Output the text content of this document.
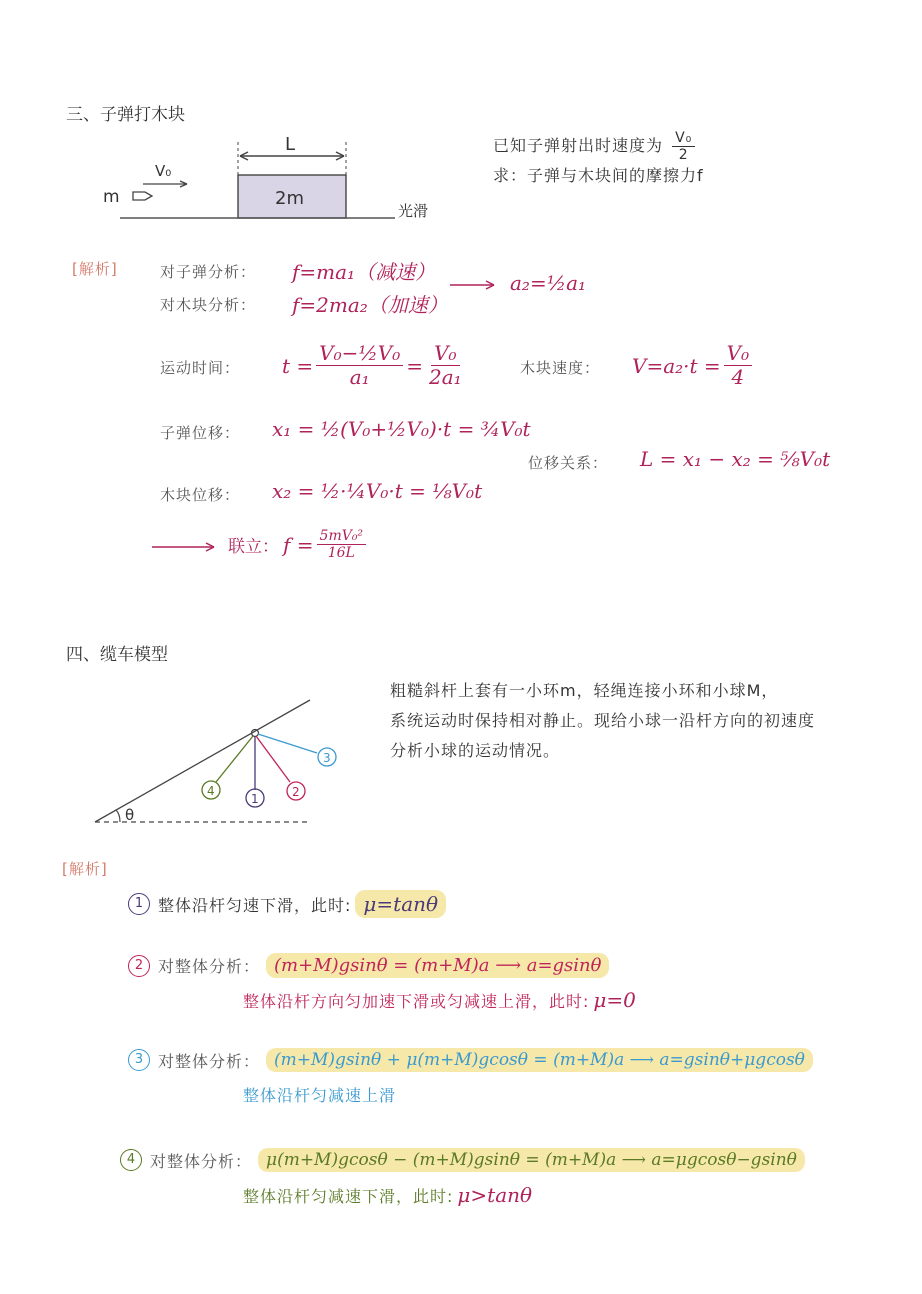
三、子弹打木块
L
2m
光滑
m
V₀
已知子弹射出时速度为 $\frac{\text{V₀}}{2}$
求：子弹与木块间的摩擦力f
[解析]	对子弹分析： f=ma₁（减速）
对木块分析： f=2ma₂（加速）
a₂=½a₁
运动时间： $t = \frac{\text{V₀−½V₀}}{\text{a₁}} = \frac{\text{V₀}}{\text{2a₁}}$	木块速度： $V=a_2\cdot t = \frac{\text{V₀}}{4}$
子弹位移： x₁ = ½(V₀+½V₀)·t = ¾V₀t
位移关系： L = x₁ − x₂ = ⅝V₀t
木块位移： x₂ = ½·¼V₀·t = ⅛V₀t
联立： $f = \frac{\text{5mV₀²}}{16L}$
四、缆车模型
θ
1	2
3
4
粗糙斜杆上套有一小环m，轻绳连接小环和小球M，
系统运动时保持相对静止。现给小球一沿杆方向的初速度
分析小球的运动情况。
[解析]
1 整体沿杆匀速下滑，此时: μ=tanθ
2 对整体分析： (m+M)gsinθ = (m+M)a ⟶ a=gsinθ
整体沿杆方向匀加速下滑或匀减速上滑，此时: μ=0
3 对整体分析： (m+M)gsinθ + μ(m+M)gcosθ = (m+M)a ⟶ a=gsinθ+μgcosθ
整体沿杆匀减速上滑
4 对整体分析： μ(m+M)gcosθ − (m+M)gsinθ = (m+M)a ⟶ a=μgcosθ−gsinθ
整体沿杆匀减速下滑，此时: μ>tanθ
